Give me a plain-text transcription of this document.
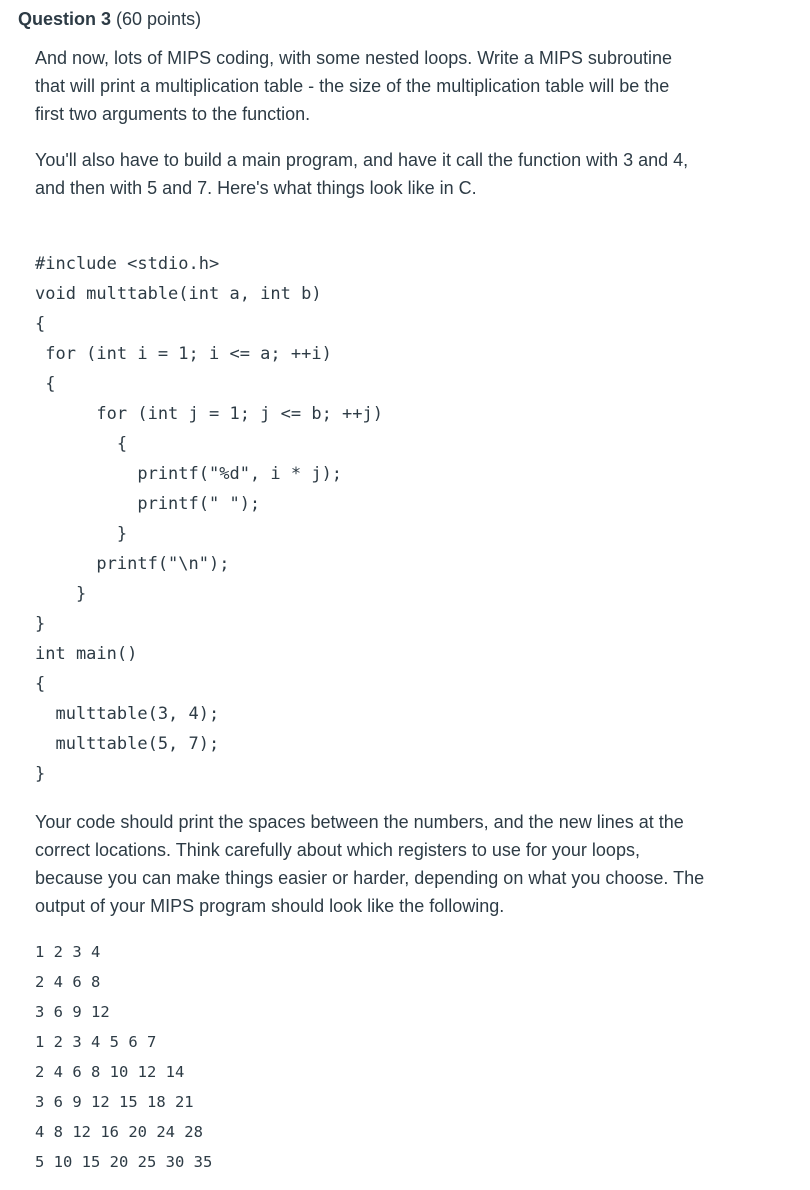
Question 3 (60 points)
And now, lots of MIPS coding, with some nested loops. Write a MIPS subroutine
that will print a multiplication table - the size of the multiplication table will be the
first two arguments to the function.
You'll also have to build a main program, and have it call the function with 3 and 4,
and then with 5 and 7. Here's what things look like in C.
#include <stdio.h>
void multtable(int a, int b)
{
for (int i = 1; i <= a; ++i)
{
for (int j = 1; j <= b; ++j)
{
printf("%d", i * j);
printf(" ");
}
printf("\n");
}
}
int main()
{
multtable(3, 4);
multtable(5, 7);
}
Your code should print the spaces between the numbers, and the new lines at the
correct locations. Think carefully about which registers to use for your loops,
because you can make things easier or harder, depending on what you choose. The
output of your MIPS program should look like the following.
1 2 3 4
2 4 6 8
3 6 9 12
1 2 3 4 5 6 7
2 4 6 8 10 12 14
3 6 9 12 15 18 21
4 8 12 16 20 24 28
5 10 15 20 25 30 35
